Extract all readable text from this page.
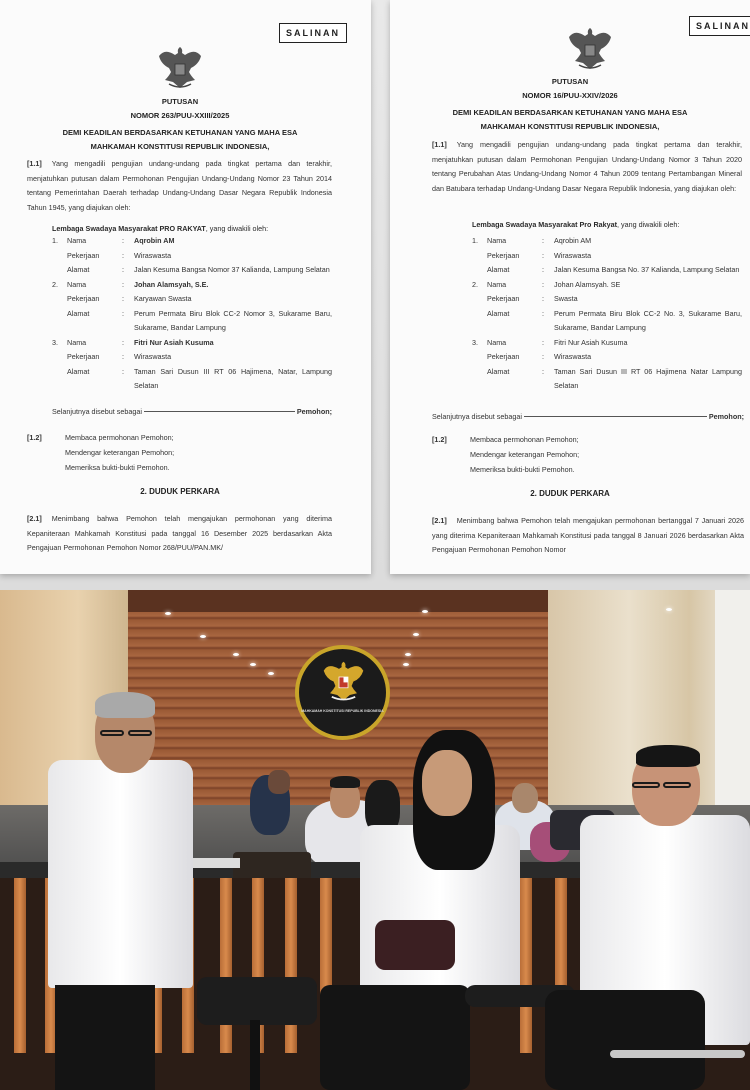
SALINAN
PUTUSAN
NOMOR 263/PUU-XXIII/2025
DEMI KEADILAN BERDASARKAN KETUHANAN YANG MAHA ESA
MAHKAMAH KONSTITUSI REPUBLIK INDONESIA,
[1.1] Yang mengadili pengujian undang-undang pada tingkat pertama dan terakhir, menjatuhkan putusan dalam Permohonan Pengujian Undang-Undang Nomor 23 Tahun 2014 tentang Pemerintahan Daerah terhadap Undang-Undang Dasar Negara Republik Indonesia Tahun 1945, yang diajukan oleh:
Lembaga Swadaya Masyarakat PRO RAKYAT, yang diwakili oleh:
1.	Nama	:	Aqrobin AM
Pekerjaan	:	Wiraswasta
Alamat	:	Jalan Kesuma Bangsa Nomor 37 Kalianda, Lampung Selatan
2.	Nama	:	Johan Alamsyah, S.E.
Pekerjaan	:	Karyawan Swasta
Alamat	:	Perum Permata Biru Blok CC-2 Nomor 3, Sukarame Baru, Sukarame, Bandar Lampung
3.	Nama	:	Fitri Nur Asiah Kusuma
Pekerjaan	:	Wiraswasta
Alamat	:	Taman Sari Dusun III RT 06 Hajimena, Natar, Lampung Selatan
Selanjutnya disebut sebagai	Pemohon;
[1.2]	Membaca permohonan Pemohon;
Mendengar keterangan Pemohon;
Memeriksa bukti-bukti Pemohon.
2. DUDUK PERKARA
[2.1] Menimbang bahwa Pemohon telah mengajukan permohonan yang diterima Kepaniteraan Mahkamah Konstitusi pada tanggal 16 Desember 2025 berdasarkan Akta Pengajuan Permohonan Pemohon Nomor 268/PUU/PAN.MK/
SALINAN
PUTUSAN
NOMOR 16/PUU-XXIV/2026
DEMI KEADILAN BERDASARKAN KETUHANAN YANG MAHA ESA
MAHKAMAH KONSTITUSI REPUBLIK INDONESIA,
[1.1] Yang mengadili pengujian undang-undang pada tingkat pertama dan terakhir, menjatuhkan putusan dalam Permohonan Pengujian Undang-Undang Nomor 3 Tahun 2020 tentang Perubahan Atas Undang-Undang Nomor 4 Tahun 2009 tentang Pertambangan Mineral dan Batubara terhadap Undang-Undang Dasar Negara Republik Indonesia, yang diajukan oleh:
Lembaga Swadaya Masyarakat Pro Rakyat, yang diwakili oleh:
1.	Nama	:	Aqrobin AM
Pekerjaan	:	Wiraswasta
Alamat	:	Jalan Kesuma Bangsa No. 37 Kalianda, Lampung Selatan
2.	Nama	:	Johan Alamsyah. SE
Pekerjaan	:	Swasta
Alamat	:	Perum Permata Biru Blok CC-2 No. 3, Sukarame Baru, Sukarame, Bandar Lampung
3.	Nama	:	Fitri Nur Asiah Kusuma
Pekerjaan	:	Wiraswasta
Alamat	:	Taman Sari Dusun III RT 06 Hajimena Natar Lampung Selatan
Selanjutnya disebut sebagai	Pemohon;
[1.2]	Membaca permohonan Pemohon;
Mendengar keterangan Pemohon;
Memeriksa bukti-bukti Pemohon.
2. DUDUK PERKARA
[2.1] Menimbang bahwa Pemohon telah mengajukan permohonan bertanggal 7 Januari 2026 yang diterima Kepaniteraan Mahkamah Konstitusi pada tanggal 8 Januari 2026 berdasarkan Akta Pengajuan Permohonan Pemohon Nomor
MAHKAMAH KONSTITUSI REPUBLIK INDONESIA
